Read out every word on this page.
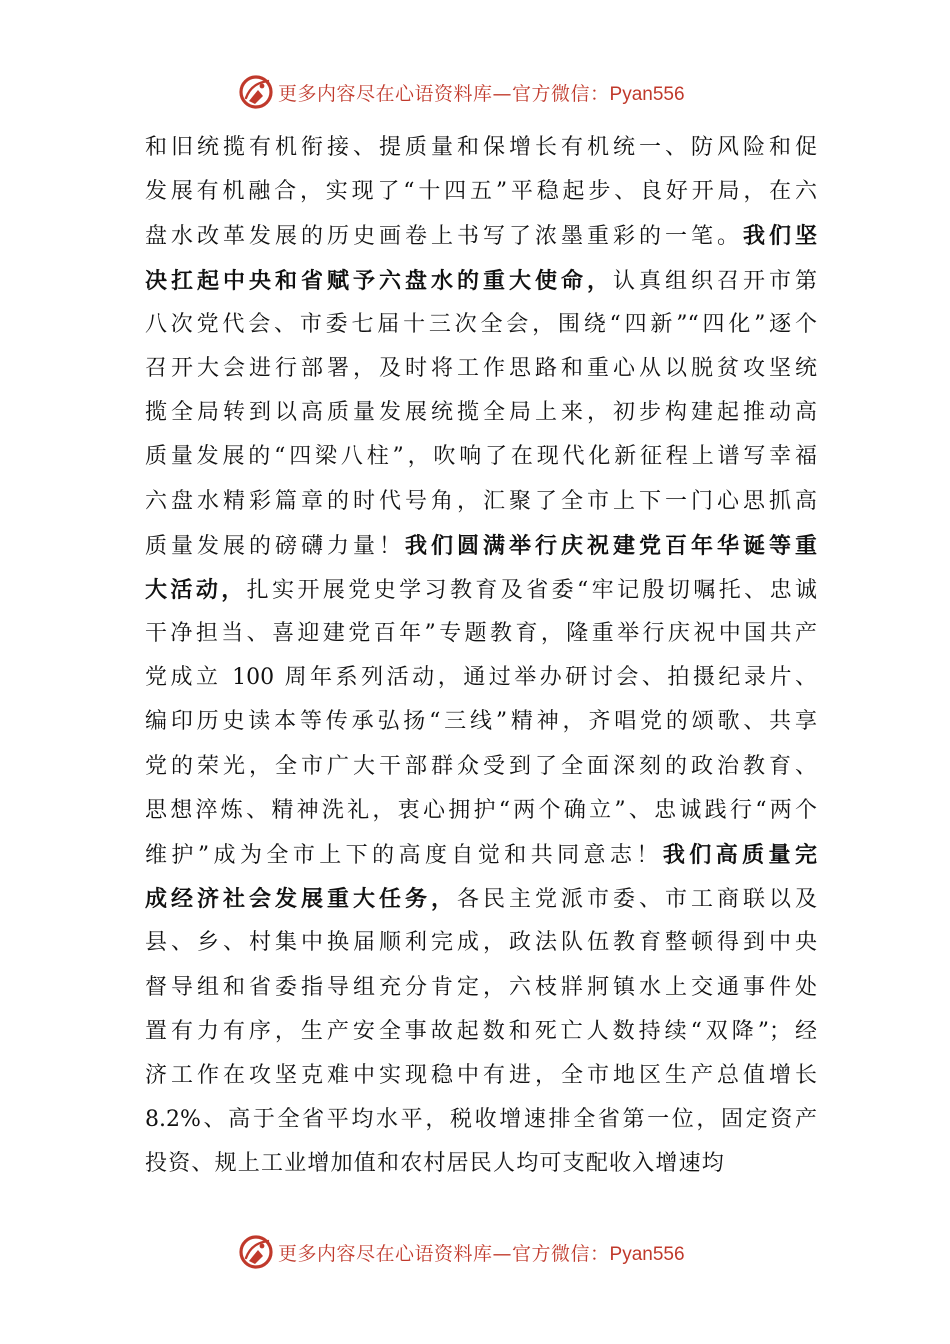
更多内容尽在心语资料库—官方微信：Pyan556
和旧统揽有机衔接、提质量和保增长有机统一、防风险和促
发展有机融合，实现了“十四五”平稳起步、良好开局，在六
盘水改革发展的历史画卷上书写了浓墨重彩的一笔。我们坚
决扛起中央和省赋予六盘水的重大使命，认真组织召开市第
八次党代会、市委七届十三次全会，围绕“四新”“四化”逐个
召开大会进行部署，及时将工作思路和重心从以脱贫攻坚统
揽全局转到以高质量发展统揽全局上来，初步构建起推动高
质量发展的“四梁八柱”，吹响了在现代化新征程上谱写幸福
六盘水精彩篇章的时代号角，汇聚了全市上下一门心思抓高
质量发展的磅礴力量！我们圆满举行庆祝建党百年华诞等重
大活动，扎实开展党史学习教育及省委“牢记殷切嘱托、忠诚
干净担当、喜迎建党百年”专题教育，隆重举行庆祝中国共产
党成立 100 周年系列活动，通过举办研讨会、拍摄纪录片、
编印历史读本等传承弘扬“三线”精神，齐唱党的颂歌、共享
党的荣光，全市广大干部群众受到了全面深刻的政治教育、
思想淬炼、精神洗礼，衷心拥护“两个确立”、忠诚践行“两个
维护”成为全市上下的高度自觉和共同意志！我们高质量完
成经济社会发展重大任务，各民主党派市委、市工商联以及
县、乡、村集中换届顺利完成，政法队伍教育整顿得到中央
督导组和省委指导组充分肯定，六枝牂牁镇水上交通事件处
置有力有序，生产安全事故起数和死亡人数持续“双降”；经
济工作在攻坚克难中实现稳中有进，全市地区生产总值增长
8.2%、高于全省平均水平，税收增速排全省第一位，固定资产
投资、规上工业增加值和农村居民人均可支配收入增速均
更多内容尽在心语资料库—官方微信：Pyan556
